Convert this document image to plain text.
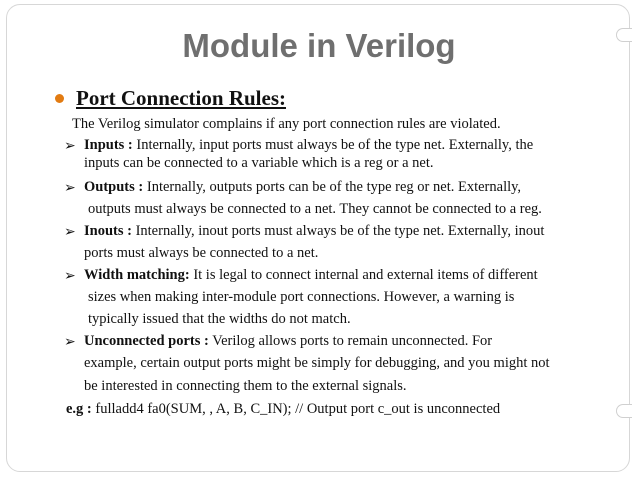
Module in Verilog
Port Connection Rules:
The Verilog simulator complains if any port connection rules are violated.
➢ Inputs : Internally, input ports must always be of the type net. Externally, the
inputs can be connected to a variable which is a reg or a net.
➢ Outputs : Internally, outputs ports can be of the type reg or net. Externally,
outputs must always be connected to a net. They cannot be connected to a reg.
➢ Inouts : Internally, inout ports must always be of the type net. Externally, inout
ports must always be connected to a net.
➢ Width matching: It is legal to connect internal and external items of different
sizes when making inter-module port connections. However, a warning is
typically issued that the widths do not match.
➢ Unconnected ports : Verilog allows ports to remain unconnected. For
example, certain output ports might be simply for debugging, and you might not
be interested in connecting them to the external signals.
e.g : fulladd4 fa0(SUM, , A, B, C_IN); // Output port c_out is unconnected
